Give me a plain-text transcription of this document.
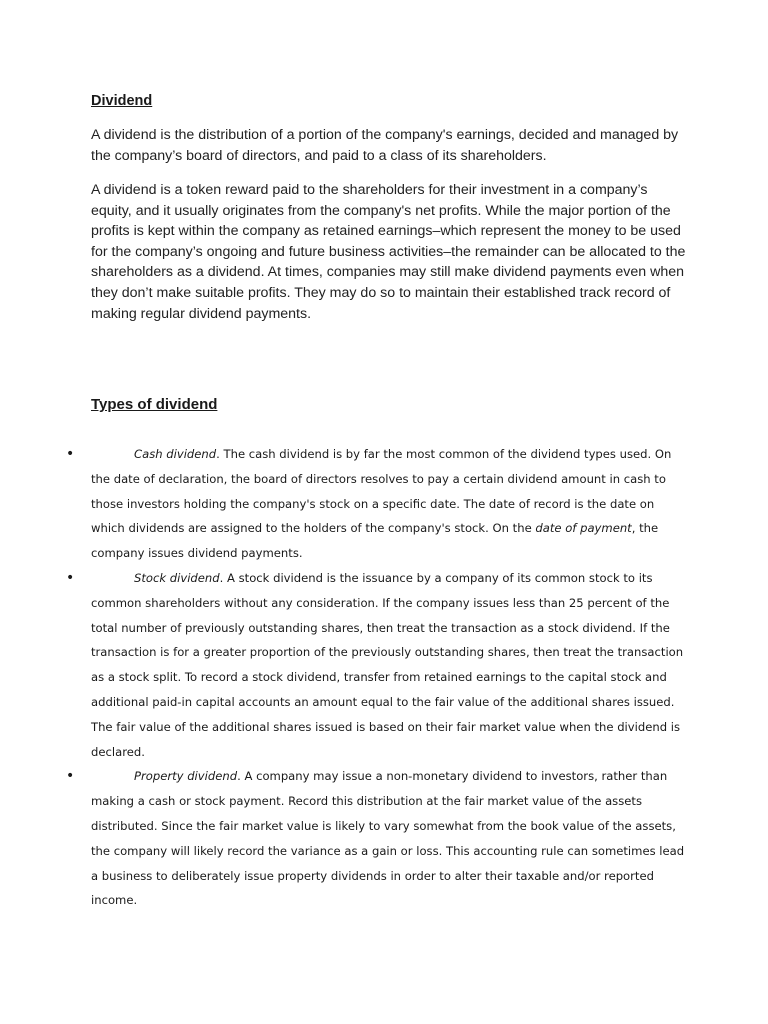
Dividend

A dividend is the distribution of a portion of the company's earnings, decided and managed by the company’s board of directors, and paid to a class of its shareholders.

A dividend is a token reward paid to the shareholders for their investment in a company’s equity, and it usually originates from the company's net profits. While the major portion of the profits is kept within the company as retained earnings–which represent the money to be used for the company’s ongoing and future business activities–the remainder can be allocated to the shareholders as a dividend. At times, companies may still make dividend payments even when they don’t make suitable profits. They may do so to maintain their established track record of making regular dividend payments.

Types of dividend
•	Cash dividend. The cash dividend is by far the most common of the dividend types used. On the date of declaration, the board of directors resolves to pay a certain dividend amount in cash to those investors holding the company's stock on a specific date. The date of record is the date on which dividends are assigned to the holders of the company's stock. On the date of payment, the company issues dividend payments.
•	Stock dividend. A stock dividend is the issuance by a company of its common stock to its common shareholders without any consideration. If the company issues less than 25 percent of the total number of previously outstanding shares, then treat the transaction as a stock dividend. If the transaction is for a greater proportion of the previously outstanding shares, then treat the transaction as a stock split. To record a stock dividend, transfer from retained earnings to the capital stock and additional paid-in capital accounts an amount equal to the fair value of the additional shares issued. The fair value of the additional shares issued is based on their fair market value when the dividend is declared.
•	Property dividend. A company may issue a non-monetary dividend to investors, rather than making a cash or stock payment. Record this distribution at the fair market value of the assets distributed. Since the fair market value is likely to vary somewhat from the book value of the assets, the company will likely record the variance as a gain or loss. This accounting rule can sometimes lead a business to deliberately issue property dividends in order to alter their taxable and/or reported income.
